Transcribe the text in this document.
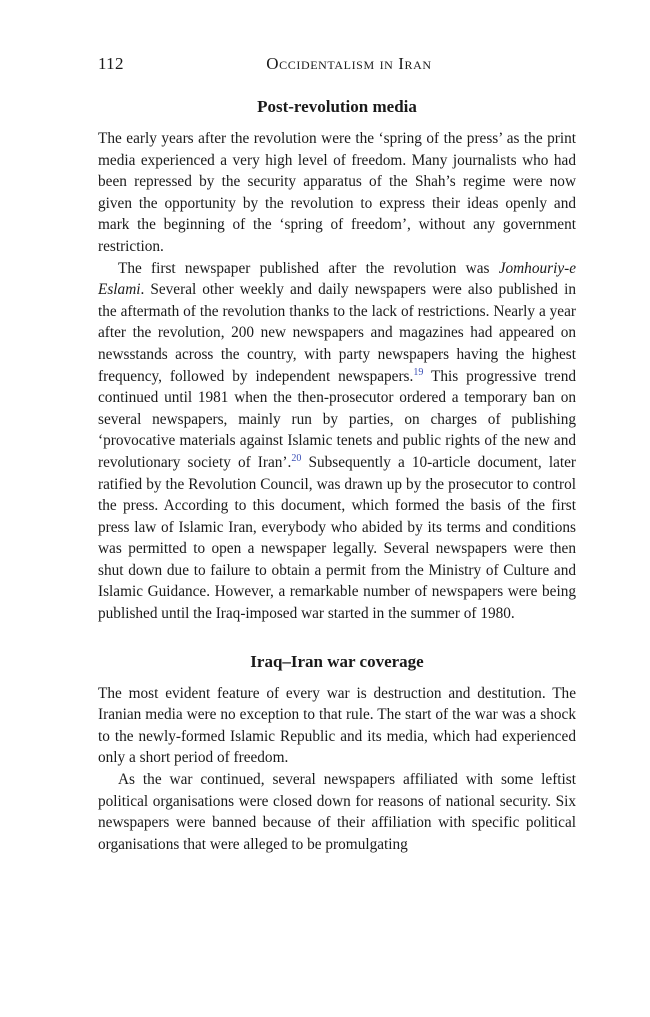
112	Occidentalism in Iran
Post-revolution media

The early years after the revolution were the ‘spring of the press’ as the print media experienced a very high level of freedom. Many journalists who had been repressed by the security apparatus of the Shah’s regime were now given the opportunity by the revolution to express their ideas openly and mark the beginning of the ‘spring of freedom’, without any government restriction.

The first newspaper published after the revolution was Jomhouriy-e Eslami. Several other weekly and daily newspapers were also published in the aftermath of the revolution thanks to the lack of restrictions. Nearly a year after the revolution, 200 new newspapers and magazines had appeared on newsstands across the country, with party newspapers having the highest frequency, followed by independent newspapers.$^{19}$ This progressive trend continued until 1981 when the then-prosecutor ordered a temporary ban on several newspapers, mainly run by parties, on charges of publishing ‘provocative materials against Islamic tenets and public rights of the new and revolutionary society of Iran’.$^{20}$ Subsequently a 10-article document, later ratified by the Revolution Council, was drawn up by the prosecutor to control the press. According to this document, which formed the basis of the first press law of Islamic Iran, everybody who abided by its terms and conditions was permitted to open a newspaper legally. Several newspapers were then shut down due to failure to obtain a permit from the Ministry of Culture and Islamic Guidance. However, a remarkable number of newspapers were being published until the Iraq-imposed war started in the summer of 1980.

Iraq–Iran war coverage

The most evident feature of every war is destruction and destitution. The Iranian media were no exception to that rule. The start of the war was a shock to the newly-formed Islamic Republic and its media, which had experienced only a short period of freedom.

As the war continued, several newspapers affiliated with some leftist political organisations were closed down for reasons of national security. Six newspapers were banned because of their affiliation with specific political organisations that were alleged to be promulgating
